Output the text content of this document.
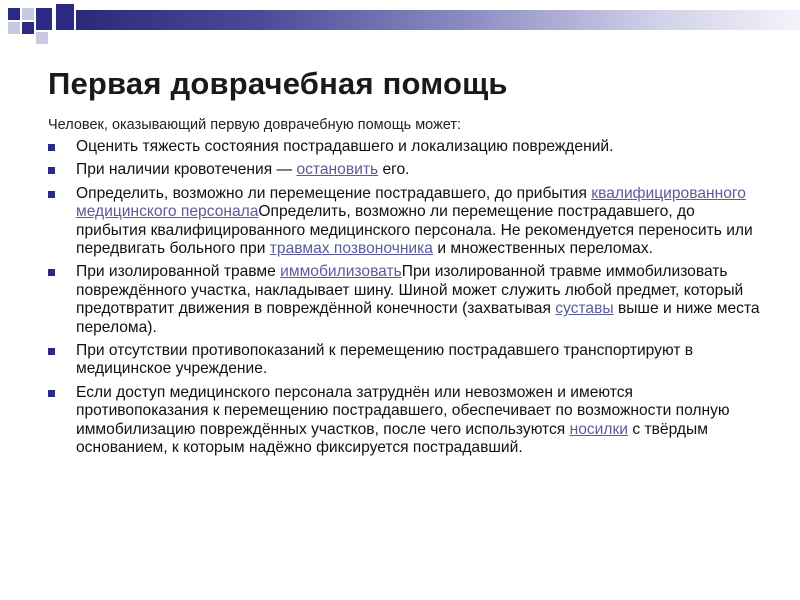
Первая доврачебная помощь
Человек, оказывающий первую доврачебную помощь может:
Оценить тяжесть состояния пострадавшего и локализацию повреждений.
При наличии кровотечения — остановить его.
Определить, возможно ли перемещение пострадавшего, до прибытия квалифицированного медицинского персоналаОпределить, возможно ли перемещение пострадавшего, до прибытия квалифицированного медицинского персонала. Не рекомендуется переносить или передвигать больного при травмах позвоночника и множественных переломах.
При изолированной травме иммобилизоватьПри изолированной травме иммобилизовать повреждённого участка, накладывает шину. Шиной может служить любой предмет, который предотвратит движения в повреждённой конечности (захватывая суставы выше и ниже места перелома).
При отсутствии противопоказаний к перемещению пострадавшего транспортируют в медицинское учреждение.
Если доступ медицинского персонала затруднён или невозможен и имеются противопоказания к перемещению пострадавшего, обеспечивает по возможности полную иммобилизацию повреждённых участков, после чего используются носилки с твёрдым основанием, к которым надёжно фиксируется пострадавший.
